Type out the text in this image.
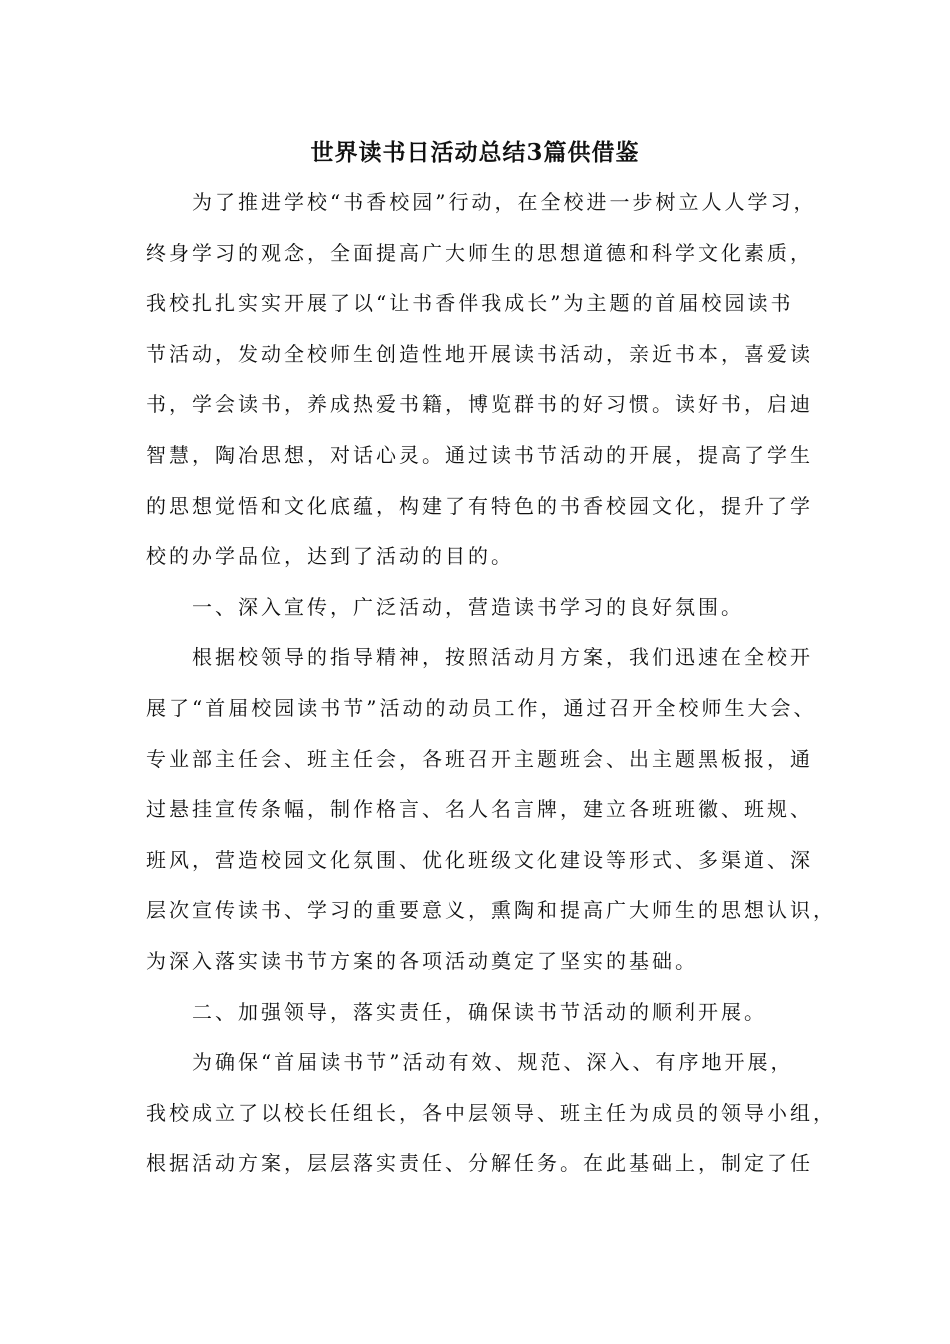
世界读书日活动总结3篇供借鉴
为了推进学校“书香校园”行动，在全校进一步树立人人学习，
终身学习的观念，全面提高广大师生的思想道德和科学文化素质，
我校扎扎实实开展了以“让书香伴我成长”为主题的首届校园读书
节活动，发动全校师生创造性地开展读书活动，亲近书本，喜爱读
书，学会读书，养成热爱书籍，博览群书的好习惯。读好书，启迪
智慧，陶冶思想，对话心灵。通过读书节活动的开展，提高了学生
的思想觉悟和文化底蕴，构建了有特色的书香校园文化，提升了学
校的办学品位，达到了活动的目的。
一、深入宣传，广泛活动，营造读书学习的良好氛围。
根据校领导的指导精神，按照活动月方案，我们迅速在全校开
展了“首届校园读书节”活动的动员工作，通过召开全校师生大会、
专业部主任会、班主任会，各班召开主题班会、出主题黑板报，通
过悬挂宣传条幅，制作格言、名人名言牌，建立各班班徽、班规、
班风，营造校园文化氛围、优化班级文化建设等形式、多渠道、深
层次宣传读书、学习的重要意义，熏陶和提高广大师生的思想认识，
为深入落实读书节方案的各项活动奠定了坚实的基础。
二、加强领导，落实责任，确保读书节活动的顺利开展。
为确保“首届读书节”活动有效、规范、深入、有序地开展，
我校成立了以校长任组长，各中层领导、班主任为成员的领导小组，
根据活动方案，层层落实责任、分解任务。在此基础上，制定了任
